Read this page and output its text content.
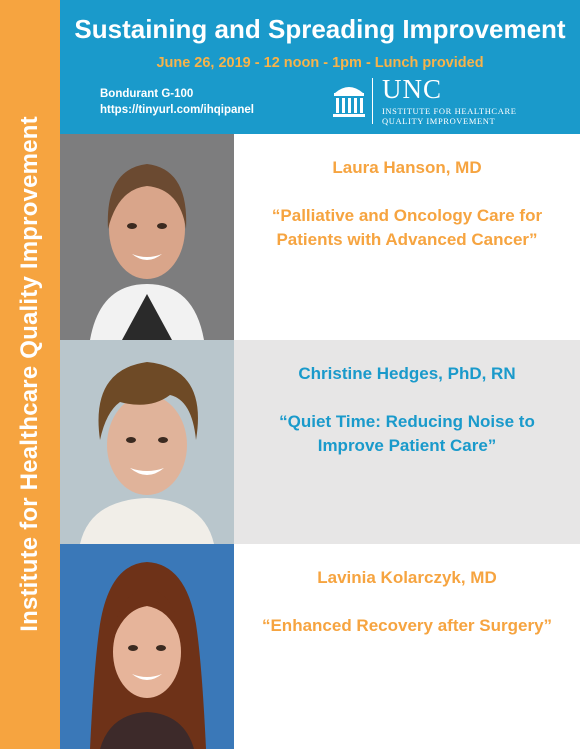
Institute for Healthcare Quality Improvement
Sustaining and Spreading Improvement
June 26, 2019 - 12 noon - 1pm - Lunch provided
Bondurant G-100
https://tinyurl.com/ihqipanel
UNC
INSTITUTE FOR HEALTHCARE
QUALITY IMPROVEMENT
Laura Hanson, MD
“Palliative and Oncology Care for Patients with Advanced Cancer”
Christine Hedges, PhD, RN
“Quiet Time: Reducing Noise to Improve Patient Care”
Lavinia Kolarczyk, MD
“Enhanced Recovery after Surgery”
